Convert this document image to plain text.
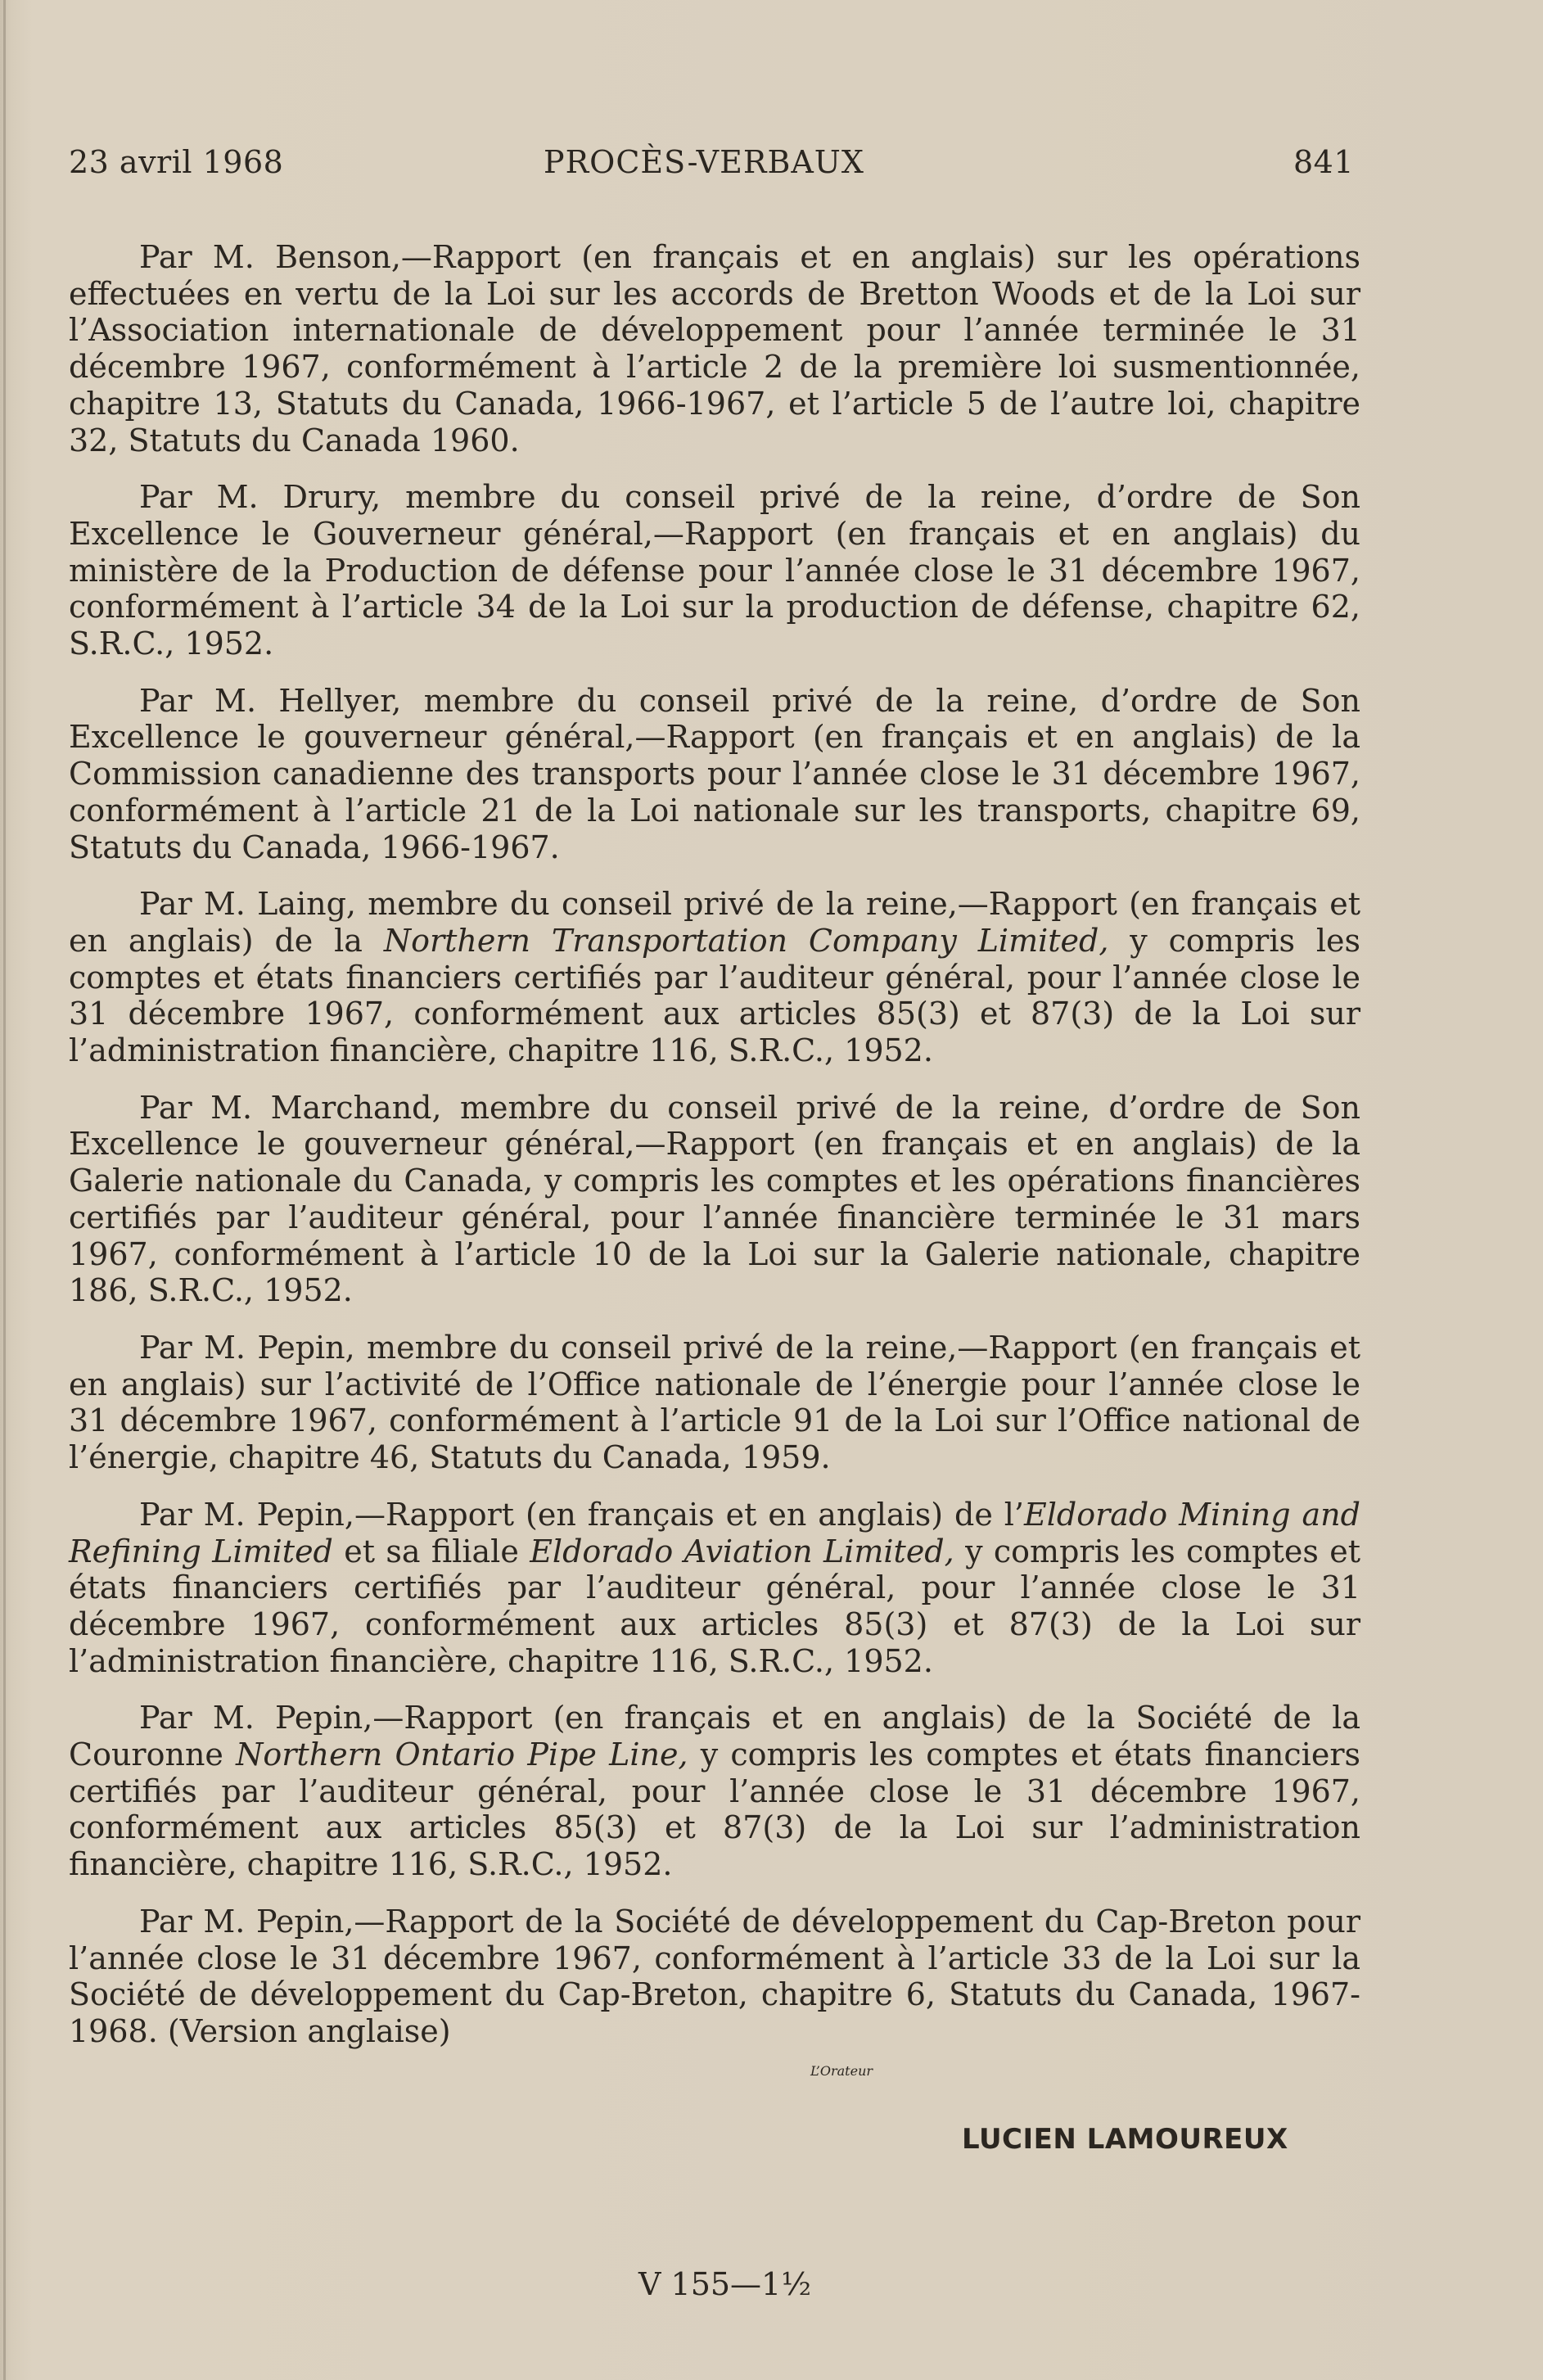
23 avril 1968	PROCÈS-VERBAUX	841

Par M. Benson,—Rapport (en français et en anglais) sur les opérations effectuées en vertu de la Loi sur les accords de Bretton Woods et de la Loi sur l’Association internationale de développement pour l’année terminée le 31 décembre 1967, conformément à l’article 2 de la première loi susmentionnée, chapitre 13, Statuts du Canada, 1966-1967, et l’article 5 de l’autre loi, chapitre 32, Statuts du Canada 1960.

Par M. Drury, membre du conseil privé de la reine, d’ordre de Son Excellence le Gouverneur général,—Rapport (en français et en anglais) du ministère de la Production de défense pour l’année close le 31 décembre 1967, conformément à l’article 34 de la Loi sur la production de défense, chapitre 62, S.R.C., 1952.

Par M. Hellyer, membre du conseil privé de la reine, d’ordre de Son Excellence le gouverneur général,—Rapport (en français et en anglais) de la Commission canadienne des transports pour l’année close le 31 décembre 1967, conformément à l’article 21 de la Loi nationale sur les transports, chapitre 69, Statuts du Canada, 1966-1967.

Par M. Laing, membre du conseil privé de la reine,—Rapport (en français et en anglais) de la Northern Transportation Company Limited, y compris les comptes et états financiers certifiés par l’auditeur général, pour l’année close le 31 décembre 1967, conformément aux articles 85(3) et 87(3) de la Loi sur l’administration financière, chapitre 116, S.R.C., 1952.

Par M. Marchand, membre du conseil privé de la reine, d’ordre de Son Excellence le gouverneur général,—Rapport (en français et en anglais) de la Galerie nationale du Canada, y compris les comptes et les opérations financières certifiés par l’auditeur général, pour l’année financière terminée le 31 mars 1967, conformément à l’article 10 de la Loi sur la Galerie nationale, chapitre 186, S.R.C., 1952.

Par M. Pepin, membre du conseil privé de la reine,—Rapport (en français et en anglais) sur l’activité de l’Office nationale de l’énergie pour l’année close le 31 décembre 1967, conformément à l’article 91 de la Loi sur l’Office national de l’énergie, chapitre 46, Statuts du Canada, 1959.

Par M. Pepin,—Rapport (en français et en anglais) de l’Eldorado Mining and Refining Limited et sa filiale Eldorado Aviation Limited, y compris les comptes et états financiers certifiés par l’auditeur général, pour l’année close le 31 décembre 1967, conformément aux articles 85(3) et 87(3) de la Loi sur l’administration financière, chapitre 116, S.R.C., 1952.

Par M. Pepin,—Rapport (en français et en anglais) de la Société de la Couronne Northern Ontario Pipe Line, y compris les comptes et états financiers certifiés par l’auditeur général, pour l’année close le 31 décembre 1967, conformément aux articles 85(3) et 87(3) de la Loi sur l’administration financière, chapitre 116, S.R.C., 1952.

Par M. Pepin,—Rapport de la Société de développement du Cap-Breton pour l’année close le 31 décembre 1967, conformément à l’article 33 de la Loi sur la Société de développement du Cap-Breton, chapitre 6, Statuts du Canada, 1967-1968. (Version anglaise)

L’Orateur
LUCIEN LAMOUREUX
V 155—1½
